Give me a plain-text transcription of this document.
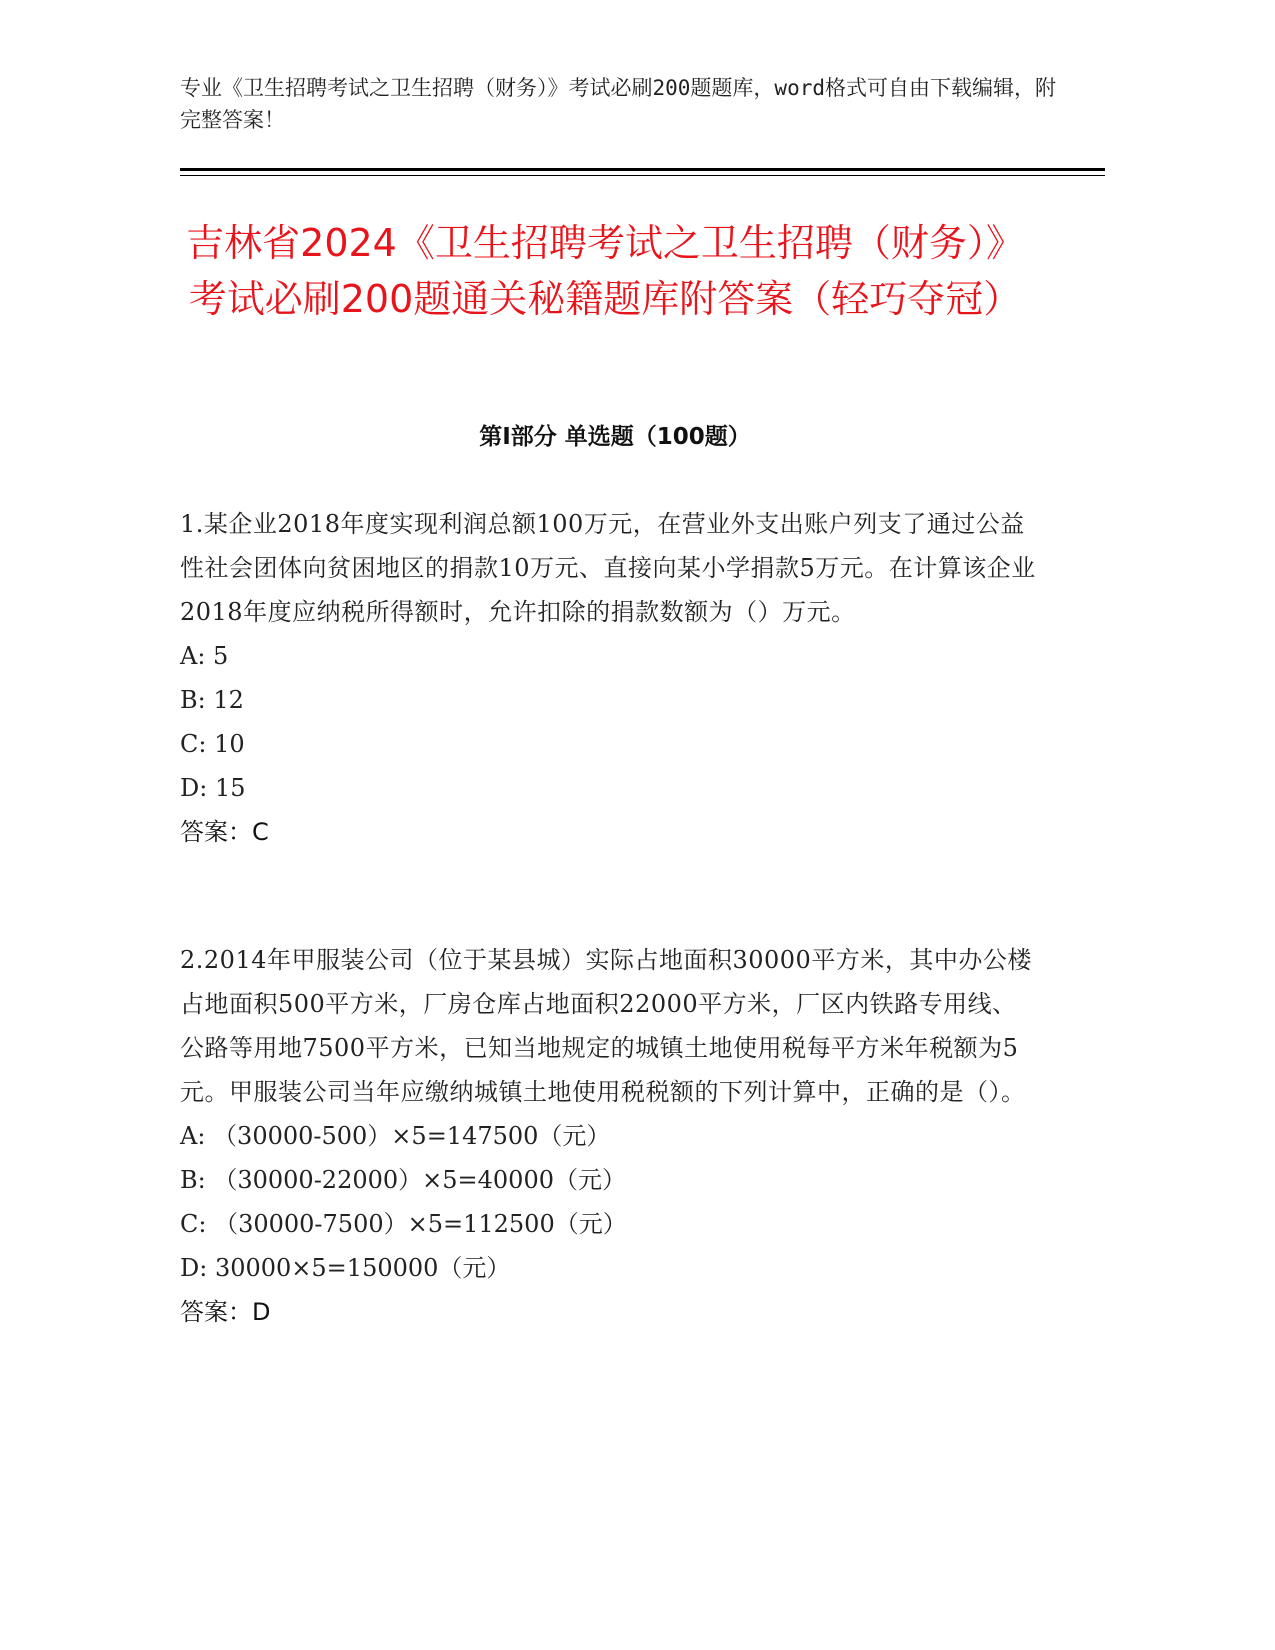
专业《卫生招聘考试之卫生招聘（财务）》考试必刷200题题库，word格式可自由下载编辑，附完整答案！
吉林省2024《卫生招聘考试之卫生招聘（财务）》考试必刷200题通关秘籍题库附答案（轻巧夺冠）
第Ⅰ部分 单选题（100题）

1.某企业2018年度实现利润总额100万元，在营业外支出账户列支了通过公益性社会团体向贫困地区的捐款10万元、直接向某小学捐款5万元。在计算该企业2018年度应纳税所得额时，允许扣除的捐款数额为（）万元。

A: 5

B: 12

C: 10

D: 15

答案：C

2.2014年甲服装公司（位于某县城）实际占地面积30000平方米，其中办公楼占地面积500平方米，厂房仓库占地面积22000平方米，厂区内铁路专用线、公路等用地7500平方米，已知当地规定的城镇土地使用税每平方米年税额为5元。甲服装公司当年应缴纳城镇土地使用税税额的下列计算中，正确的是（）。

A: （30000-500）×5=147500（元）

B: （30000-22000）×5=40000（元）

C: （30000-7500）×5=112500（元）

D: 30000×5=150000（元）

答案：D
